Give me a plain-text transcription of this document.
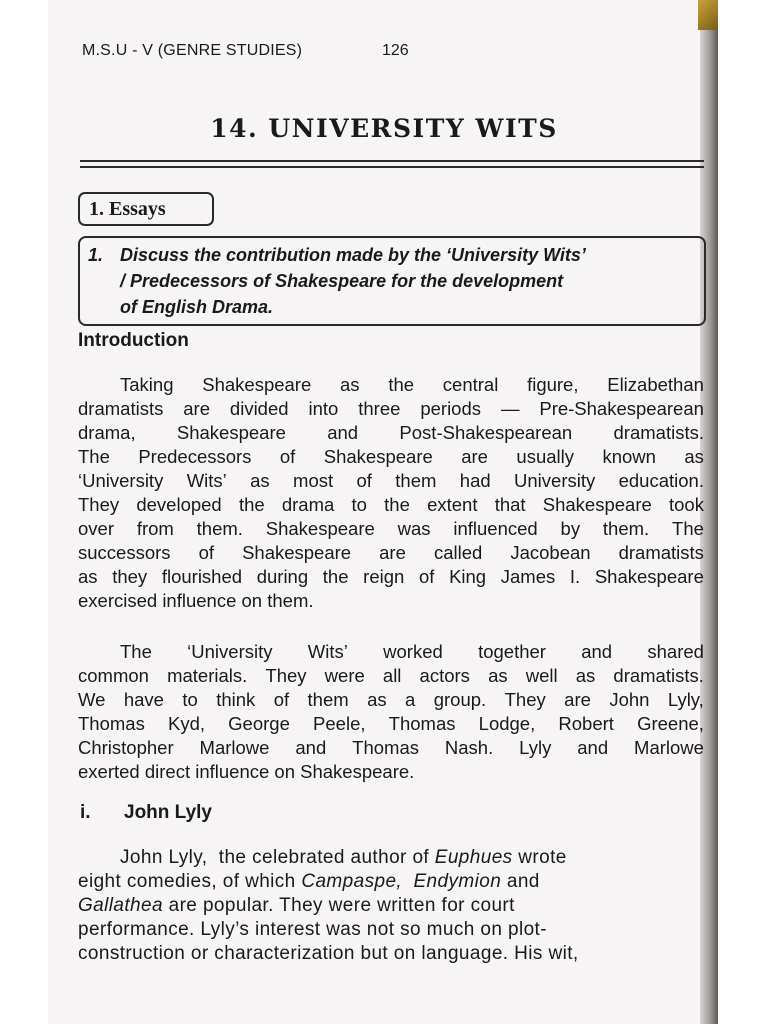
M.S.U - V (GENRE STUDIES)	126
14. UNIVERSITY WITS
1. Essays
1. Discuss the contribution made by the ‘University Wits’
/ Predecessors of Shakespeare for the development
of English Drama.
Introduction
Taking Shakespeare as the central figure, Elizabethan
dramatists are divided into three periods — Pre-Shakespearean
drama, Shakespeare and Post-Shakespearean dramatists.
The Predecessors of Shakespeare are usually known as
‘University Wits’ as most of them had University education.
They developed the drama to the extent that Shakespeare took
over from them. Shakespeare was influenced by them. The
successors of Shakespeare are called Jacobean dramatists
as they flourished during the reign of King James I. Shakespeare
exercised influence on them.
The ‘University Wits’ worked together and shared
common materials. They were all actors as well as dramatists.
We have to think of them as a group. They are John Lyly,
Thomas Kyd, George Peele, Thomas Lodge, Robert Greene,
Christopher Marlowe and Thomas Nash. Lyly and Marlowe
exerted direct influence on Shakespeare.
i.	John Lyly
John Lyly,  the celebrated author of Euphues wrote
eight comedies, of which Campaspe,
Endymion and
Gallathea are popular. They were written for court
performance. Lyly’s interest was not so much on plot-
construction or characterization but on language. His wit,
